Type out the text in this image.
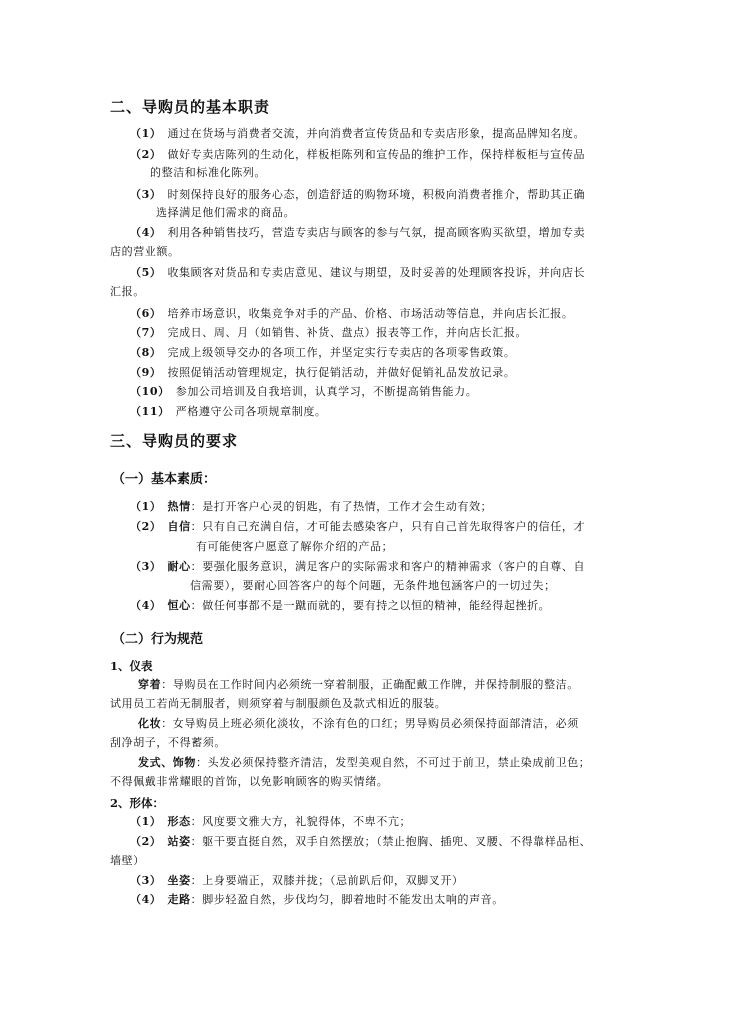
二、导购员的基本职责
（1） 通过在货场与消费者交流，并向消费者宣传货品和专卖店形象，提高品牌知名度。
（2） 做好专卖店陈列的生动化，样板柜陈列和宣传品的维护工作，保持样板柜与宣传品
的整洁和标准化陈列。
（3） 时刻保持良好的服务心态，创造舒适的购物环境，积极向消费者推介，帮助其正确
选择满足他们需求的商品。
（4） 利用各种销售技巧，营造专卖店与顾客的参与气氛，提高顾客购买欲望，增加专卖
店的营业额。
（5） 收集顾客对货品和专卖店意见、建议与期望，及时妥善的处理顾客投诉，并向店长
汇报。
（6） 培养市场意识，收集竞争对手的产品、价格、市场活动等信息，并向店长汇报。
（7） 完成日、周、月（如销售、补货、盘点）报表等工作，并向店长汇报。
（8） 完成上级领导交办的各项工作，并坚定实行专卖店的各项零售政策。
（9） 按照促销活动管理规定，执行促销活动，并做好促销礼品发放记录。
（10） 参加公司培训及自我培训，认真学习，不断提高销售能力。
（11） 严格遵守公司各项规章制度。
三、导购员的要求
（一）基本素质：
（1） 热情：是打开客户心灵的钥匙，有了热情，工作才会生动有效；
（2） 自信：只有自己充满自信，才可能去感染客户，只有自己首先取得客户的信任，才
有可能使客户愿意了解你介绍的产品；
（3） 耐心：要强化服务意识，满足客户的实际需求和客户的精神需求（客户的自尊、自
信需要），要耐心回答客户的每个问题，无条件地包涵客户的一切过失；
（4） 恒心：做任何事都不是一蹴而就的，要有持之以恒的精神，能经得起挫折。
（二）行为规范
1、仪表
穿着：导购员在工作时间内必须统一穿着制服，正确配戴工作牌，并保持制服的整洁。
试用员工若尚无制服者，则须穿着与制服颜色及款式相近的服装。
化妆：女导购员上班必须化淡妆，不涂有色的口红；男导购员必须保持面部清洁，必须
刮净胡子，不得蓄须。
发式、饰物：头发必须保持整齐清洁，发型美观自然，不可过于前卫，禁止染成前卫色；
不得佩戴非常耀眼的首饰，以免影响顾客的购买情绪。
2、形体：
（1） 形态：风度要文雅大方，礼貌得体，不卑不亢；
（2） 站姿：躯干要直挺自然，双手自然摆放；（禁止抱胸、插兜、叉腰、不得靠样品柜、
墙壁）
（3） 坐姿：上身要端正，双膝并拢；（忌前趴后仰，双脚叉开）
（4） 走路：脚步轻盈自然，步伐均匀，脚着地时不能发出太响的声音。
